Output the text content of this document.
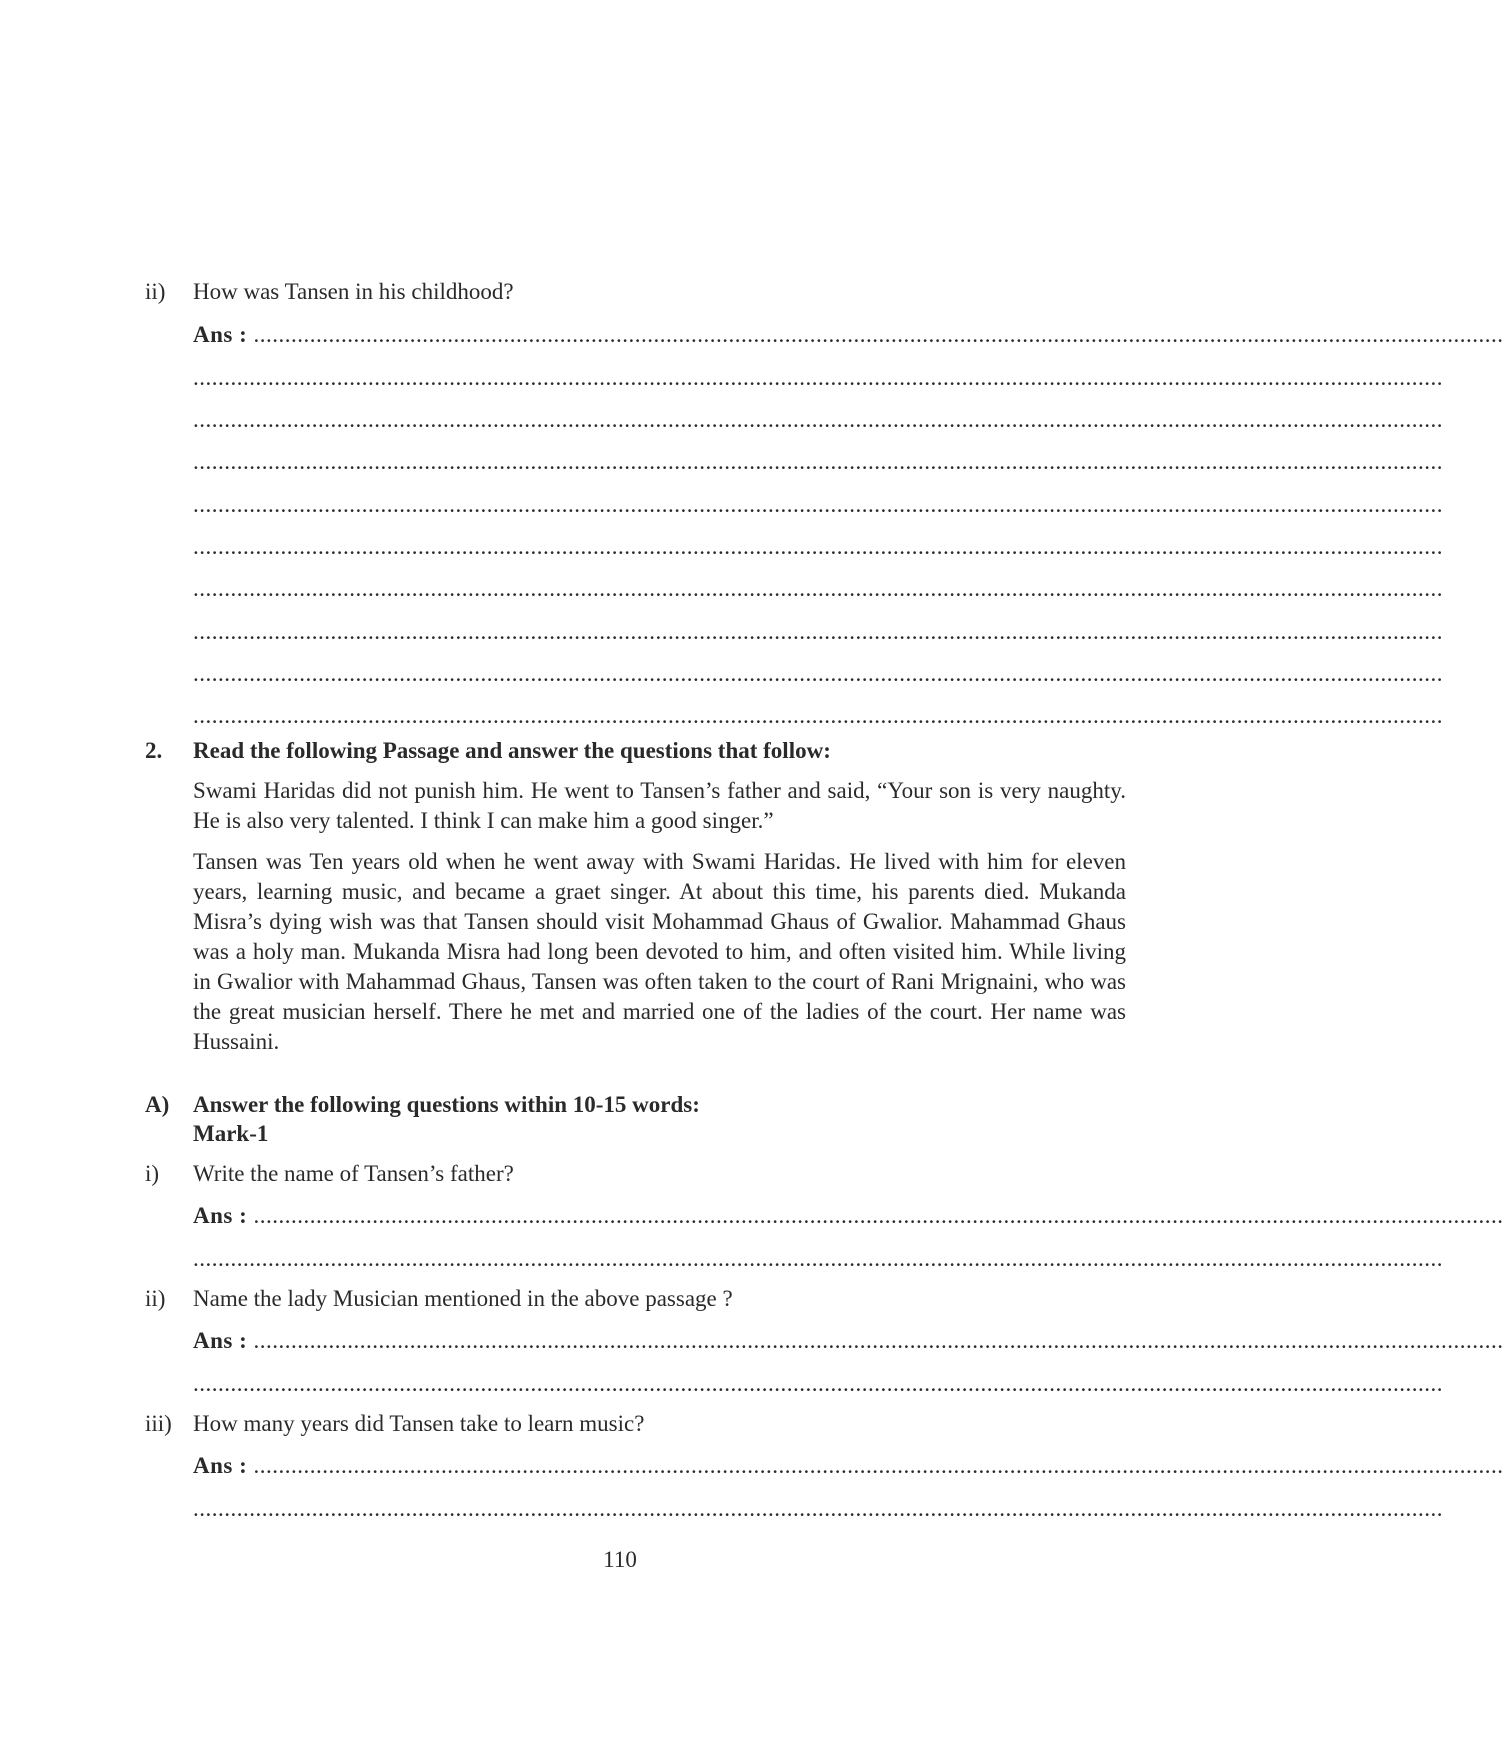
ii) How was Tansen in his childhood?
Ans : ........................................................................................................................................................................................................
........................................................................................................................................................................................................
........................................................................................................................................................................................................
........................................................................................................................................................................................................
........................................................................................................................................................................................................
........................................................................................................................................................................................................
........................................................................................................................................................................................................
........................................................................................................................................................................................................
........................................................................................................................................................................................................
........................................................................................................................................................................................................
2. Read the following Passage and answer the questions that follow:
Swami Haridas did not punish him. He went to Tansen’s father and said, “Your son is very naughty. He is also very talented. I think I can make him a good singer.”
Tansen was Ten years old when he went away with Swami Haridas. He lived with him for eleven years, learning music, and became a graet singer. At about this time, his parents died. Mukanda Misra’s dying wish was that Tansen should visit Mohammad Ghaus of Gwalior. Mahammad Ghaus was a holy man. Mukanda Misra had long been devoted to him, and often visited him. While living in Gwalior with Mahammad Ghaus, Tansen was often taken to the court of Rani Mrignaini, who was the great musician herself. There he met and married one of the ladies of the court. Her name was Hussaini.
A) Answer the following questions within 10-15 words:
Mark-1
i) Write the name of Tansen’s father?
Ans : ........................................................................................................................................................................................................
........................................................................................................................................................................................................
ii) Name the lady Musician mentioned in the above passage ?
Ans : ........................................................................................................................................................................................................
........................................................................................................................................................................................................
iii) How many years did Tansen take to learn music?
Ans : ........................................................................................................................................................................................................
........................................................................................................................................................................................................
110
